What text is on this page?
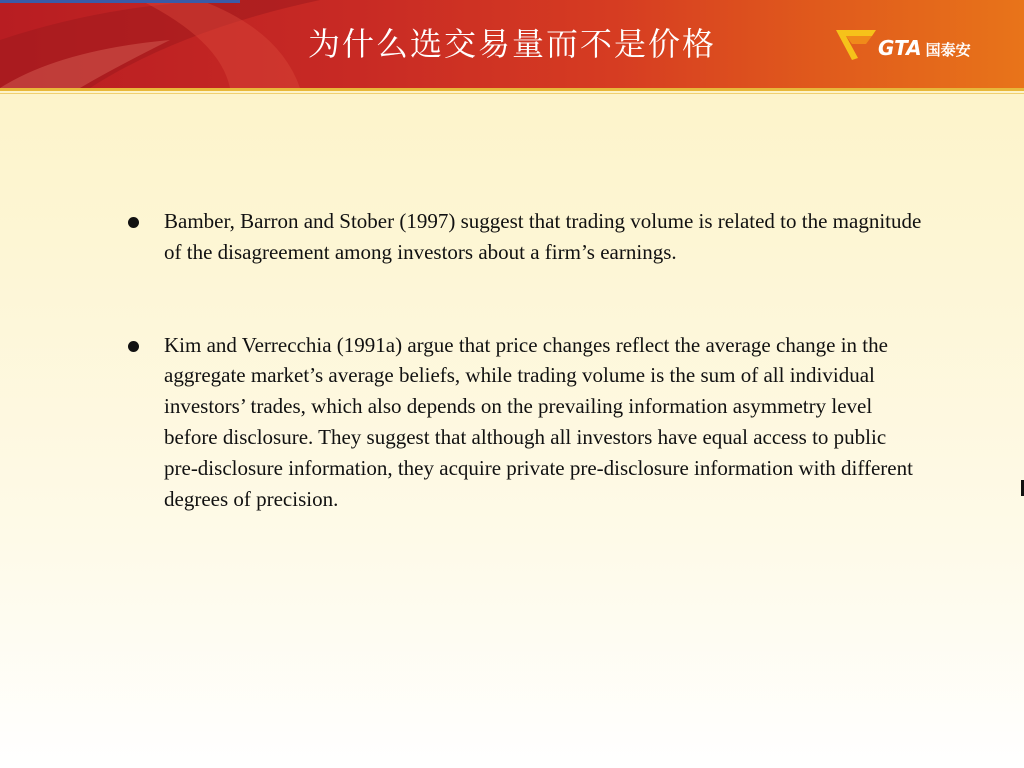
为什么选交易量而不是价格	GTA 国泰安
Bamber, Barron and Stober (1997) suggest that trading volume is related to the magnitude of the disagreement among investors about a firm’s earnings.
Kim and Verrecchia (1991a) argue that price changes reflect the average change in the aggregate market’s average beliefs, while trading volume is the sum of all individual investors’ trades, which also depends on the prevailing information asymmetry level before disclosure. They suggest that although all investors have equal access to public pre-disclosure information, they acquire private pre-disclosure information with different degrees of precision.
